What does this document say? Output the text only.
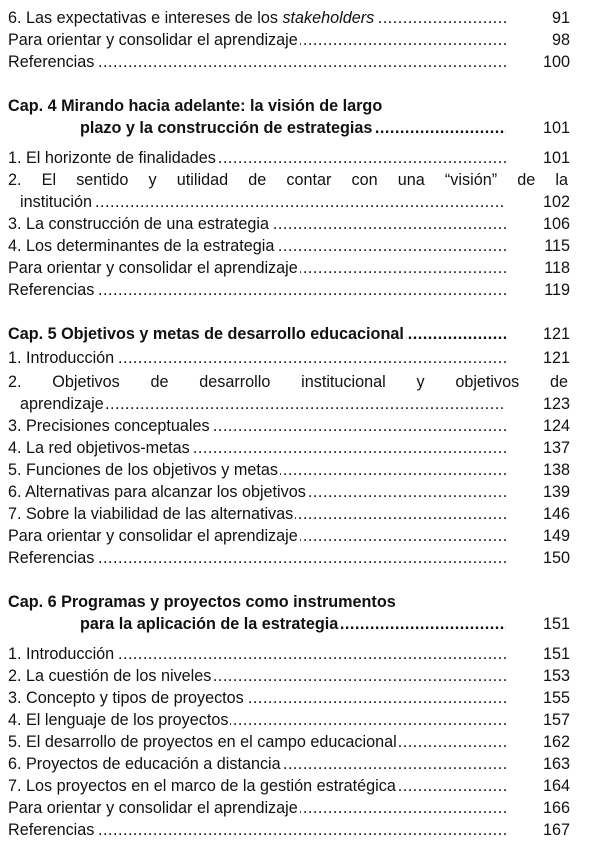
6. Las expectativas e intereses de los stakeholders .....	91
Para orientar y consolidar el aprendizaje .....	98
Referencias .....	100
Cap. 4 Mirando hacia adelante: la visión de largo
plazo y la construcción de estrategias .....	101
1. El horizonte de finalidades .....	101
2. El sentido y utilidad de contar con una “visión” de la
institución .....	102
3. La construcción de una estrategia .....	106
4. Los determinantes de la estrategia .....	115
Para orientar y consolidar el aprendizaje .....	118
Referencias .....	119
Cap. 5 Objetivos y metas de desarrollo educacional .....	121
1. Introducción .....	121
2. Objetivos de desarrollo institucional y objetivos de
aprendizaje .....	123
3. Precisiones conceptuales .....	124
4. La red objetivos-metas .....	137
5. Funciones de los objetivos y metas .....	138
6. Alternativas para alcanzar los objetivos .....	139
7. Sobre la viabilidad de las alternativas .....	146
Para orientar y consolidar el aprendizaje .....	149
Referencias .....	150
Cap. 6 Programas y proyectos como instrumentos
para la aplicación de la estrategia .....	151
1. Introducción .....	151
2. La cuestión de los niveles .....	153
3. Concepto y tipos de proyectos .....	155
4. El lenguaje de los proyectos .....	157
5. El desarrollo de proyectos en el campo educacional .....	162
6. Proyectos de educación a distancia .....	163
7. Los proyectos en el marco de la gestión estratégica .....	164
Para orientar y consolidar el aprendizaje .....	166
Referencias .....	167
